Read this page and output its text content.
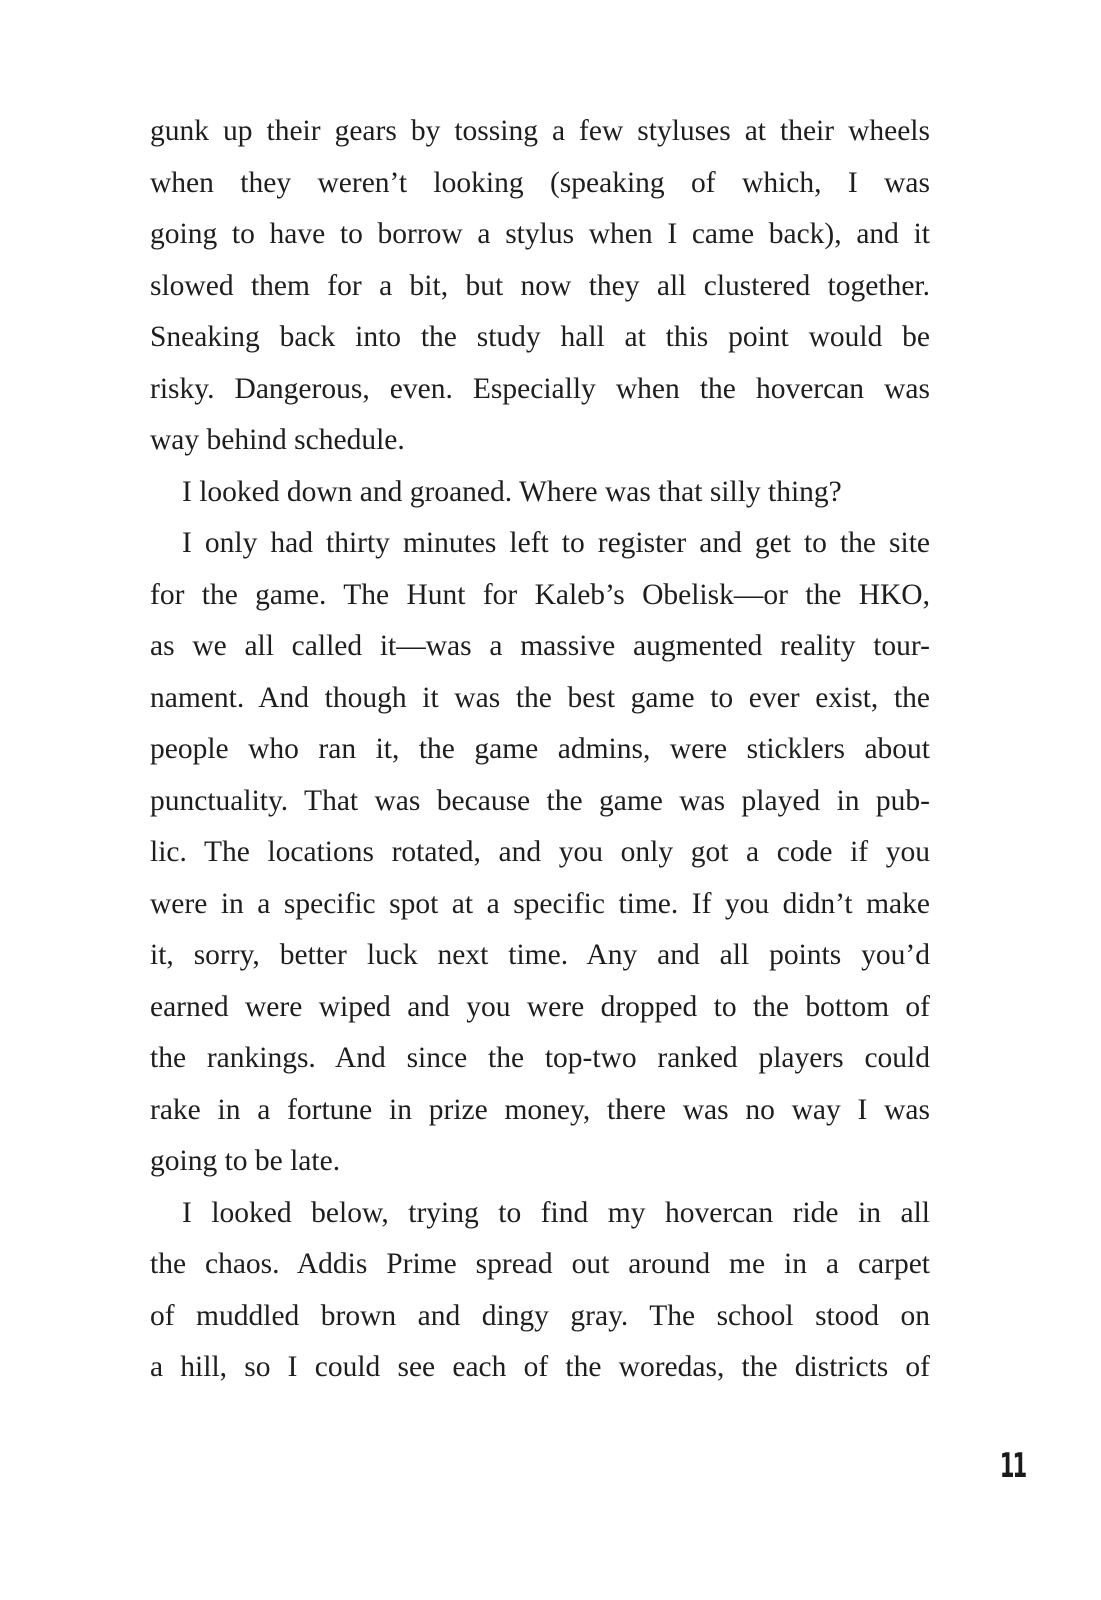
gunk up their gears by tossing a few styluses at their wheels
when they weren’t looking (speaking of which, I was
going to have to borrow a stylus when I came back), and it
slowed them for a bit, but now they all clustered together.
Sneaking back into the study hall at this point would be
risky. Dangerous, even. Especially when the hovercan was
way behind schedule.
I looked down and groaned. Where was that silly thing?
I only had thirty minutes left to register and get to the site
for the game. The Hunt for Kaleb’s Obelisk—or the HKO,
as we all called it—was a massive augmented reality tour-
nament. And though it was the best game to ever exist, the
people who ran it, the game admins, were sticklers about
punctuality. That was because the game was played in pub-
lic. The locations rotated, and you only got a code if you
were in a specific spot at a specific time. If you didn’t make
it, sorry, better luck next time. Any and all points you’d
earned were wiped and you were dropped to the bottom of
the rankings. And since the top-two ranked players could
rake in a fortune in prize money, there was no way I was
going to be late.
I looked below, trying to find my hovercan ride in all
the chaos. Addis Prime spread out around me in a carpet
of muddled brown and dingy gray. The school stood on
a hill, so I could see each of the woredas, the districts of
11
